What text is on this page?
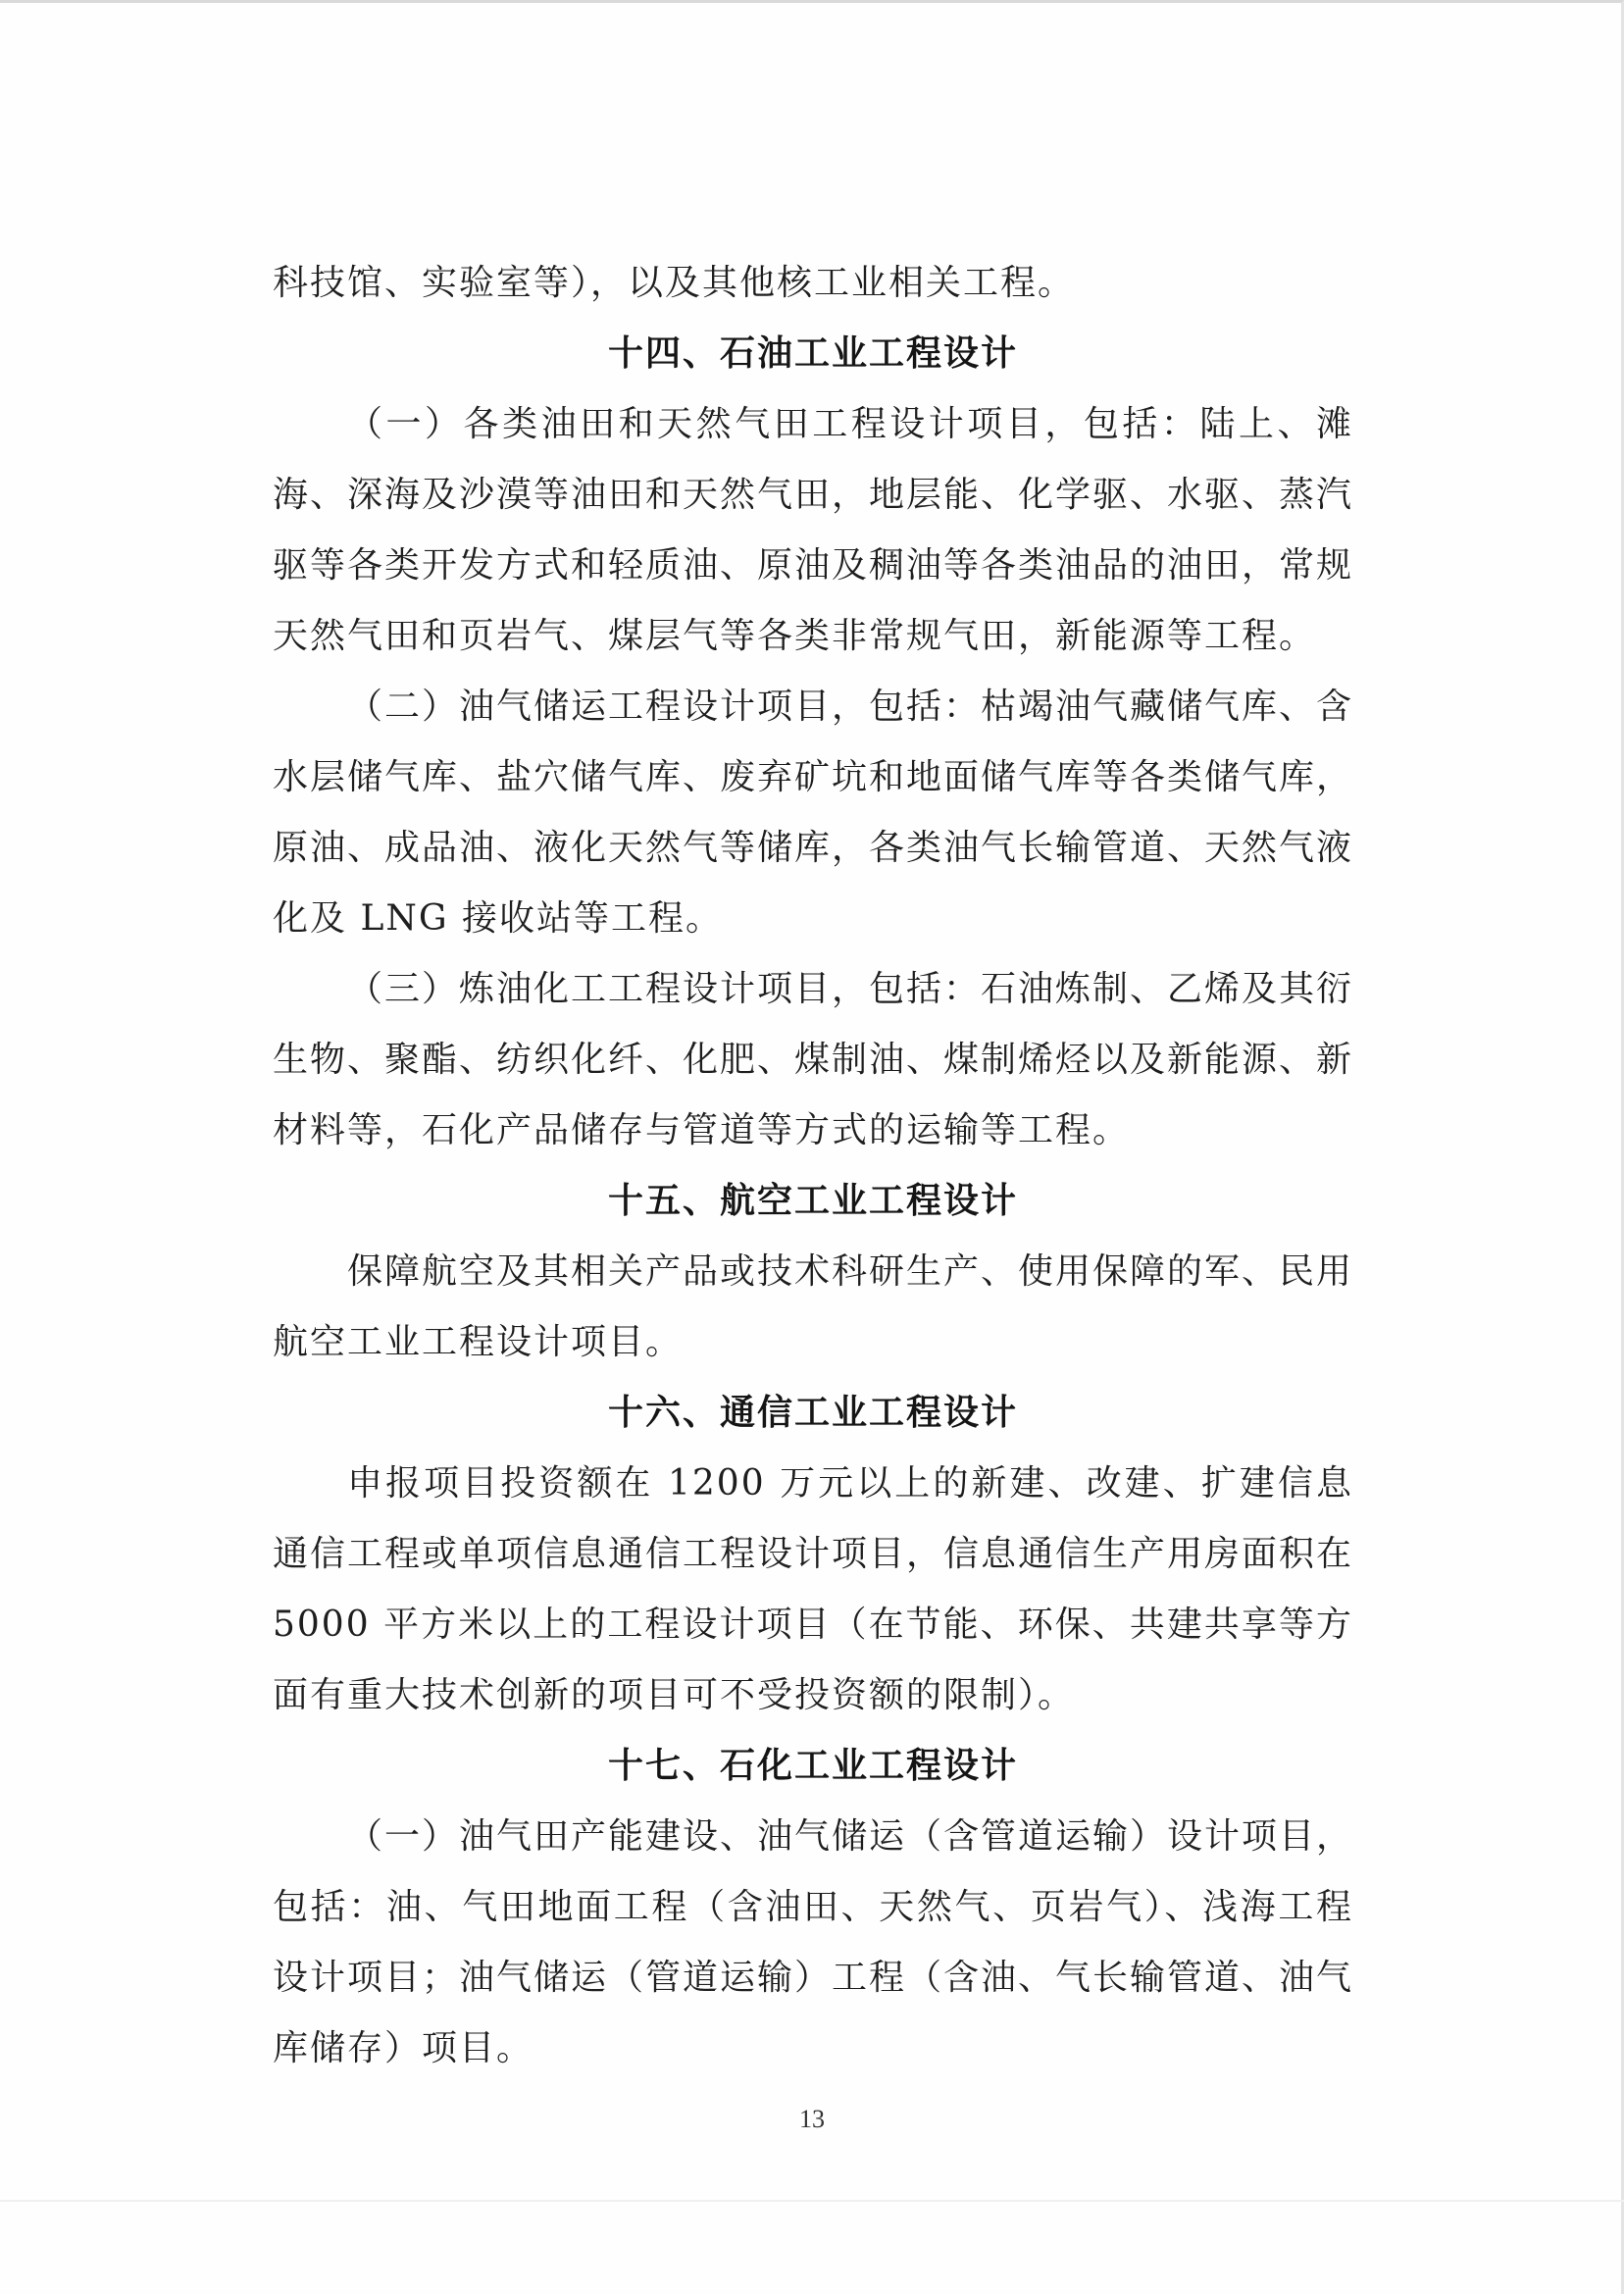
科技馆、实验室等），以及其他核工业相关工程。

十四、石油工业工程设计

（一）各类油田和天然气田工程设计项目，包括：陆上、滩海、深海及沙漠等油田和天然气田，地层能、化学驱、水驱、蒸汽驱等各类开发方式和轻质油、原油及稠油等各类油品的油田，常规天然气田和页岩气、煤层气等各类非常规气田，新能源等工程。

（二）油气储运工程设计项目，包括：枯竭油气藏储气库、含水层储气库、盐穴储气库、废弃矿坑和地面储气库等各类储气库，原油、成品油、液化天然气等储库，各类油气长输管道、天然气液化及 LNG 接收站等工程。

（三）炼油化工工程设计项目，包括：石油炼制、乙烯及其衍生物、聚酯、纺织化纤、化肥、煤制油、煤制烯烃以及新能源、新材料等，石化产品储存与管道等方式的运输等工程。

十五、航空工业工程设计

保障航空及其相关产品或技术科研生产、使用保障的军、民用航空工业工程设计项目。

十六、通信工业工程设计

申报项目投资额在 1200 万元以上的新建、改建、扩建信息通信工程或单项信息通信工程设计项目，信息通信生产用房面积在 5000 平方米以上的工程设计项目（在节能、环保、共建共享等方面有重大技术创新的项目可不受投资额的限制）。

十七、石化工业工程设计

（一）油气田产能建设、油气储运（含管道运输）设计项目，包括：油、气田地面工程（含油田、天然气、页岩气）、浅海工程设计项目；油气储运（管道运输）工程（含油、气长输管道、油气库储存）项目。

13
